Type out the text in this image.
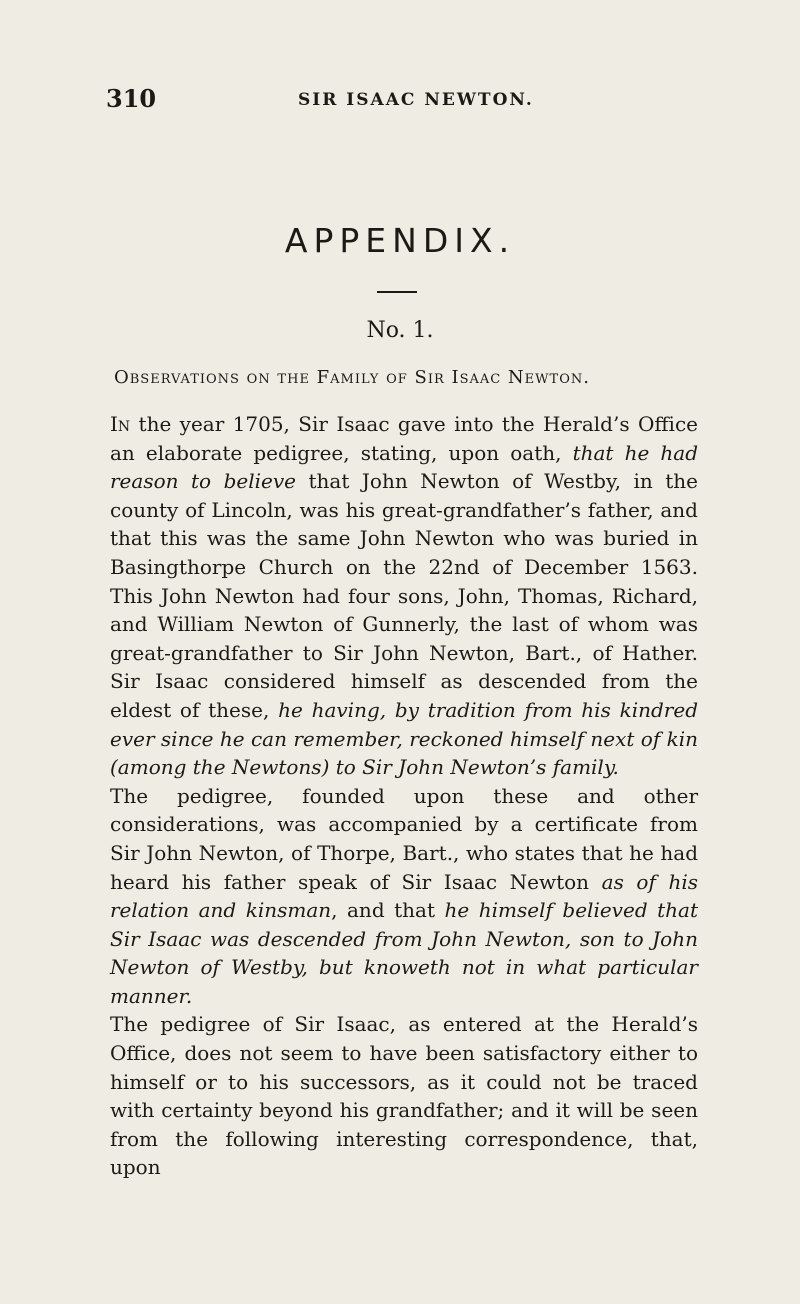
310	SIR ISAAC NEWTON.
APPENDIX.
No. 1.
Observations on the Family of Sir Isaac Newton.

In the year 1705, Sir Isaac gave into the Herald’s Office an elaborate pedigree, stating, upon oath, that he had reason to believe that John Newton of Westby, in the county of Lincoln, was his great-grandfather’s father, and that this was the same John Newton who was buried in Basingthorpe Church on the 22nd of December 1563. This John Newton had four sons, John, Thomas, Richard, and William Newton of Gunnerly, the last of whom was great-grandfather to Sir John Newton, Bart., of Hather. Sir Isaac considered himself as descended from the eldest of these, he having, by tradition from his kindred ever since he can remember, reckoned himself next of kin (among the Newtons) to Sir John Newton’s family.

The pedigree, founded upon these and other considerations, was accompanied by a certificate from Sir John Newton, of Thorpe, Bart., who states that he had heard his father speak of Sir Isaac Newton as of his relation and kinsman, and that he himself believed that Sir Isaac was descended from John Newton, son to John Newton of Westby, but knoweth not in what particular manner.

The pedigree of Sir Isaac, as entered at the Herald’s Office, does not seem to have been satisfactory either to himself or to his successors, as it could not be traced with certainty beyond his grandfather; and it will be seen from the following interesting correspondence, that, upon
